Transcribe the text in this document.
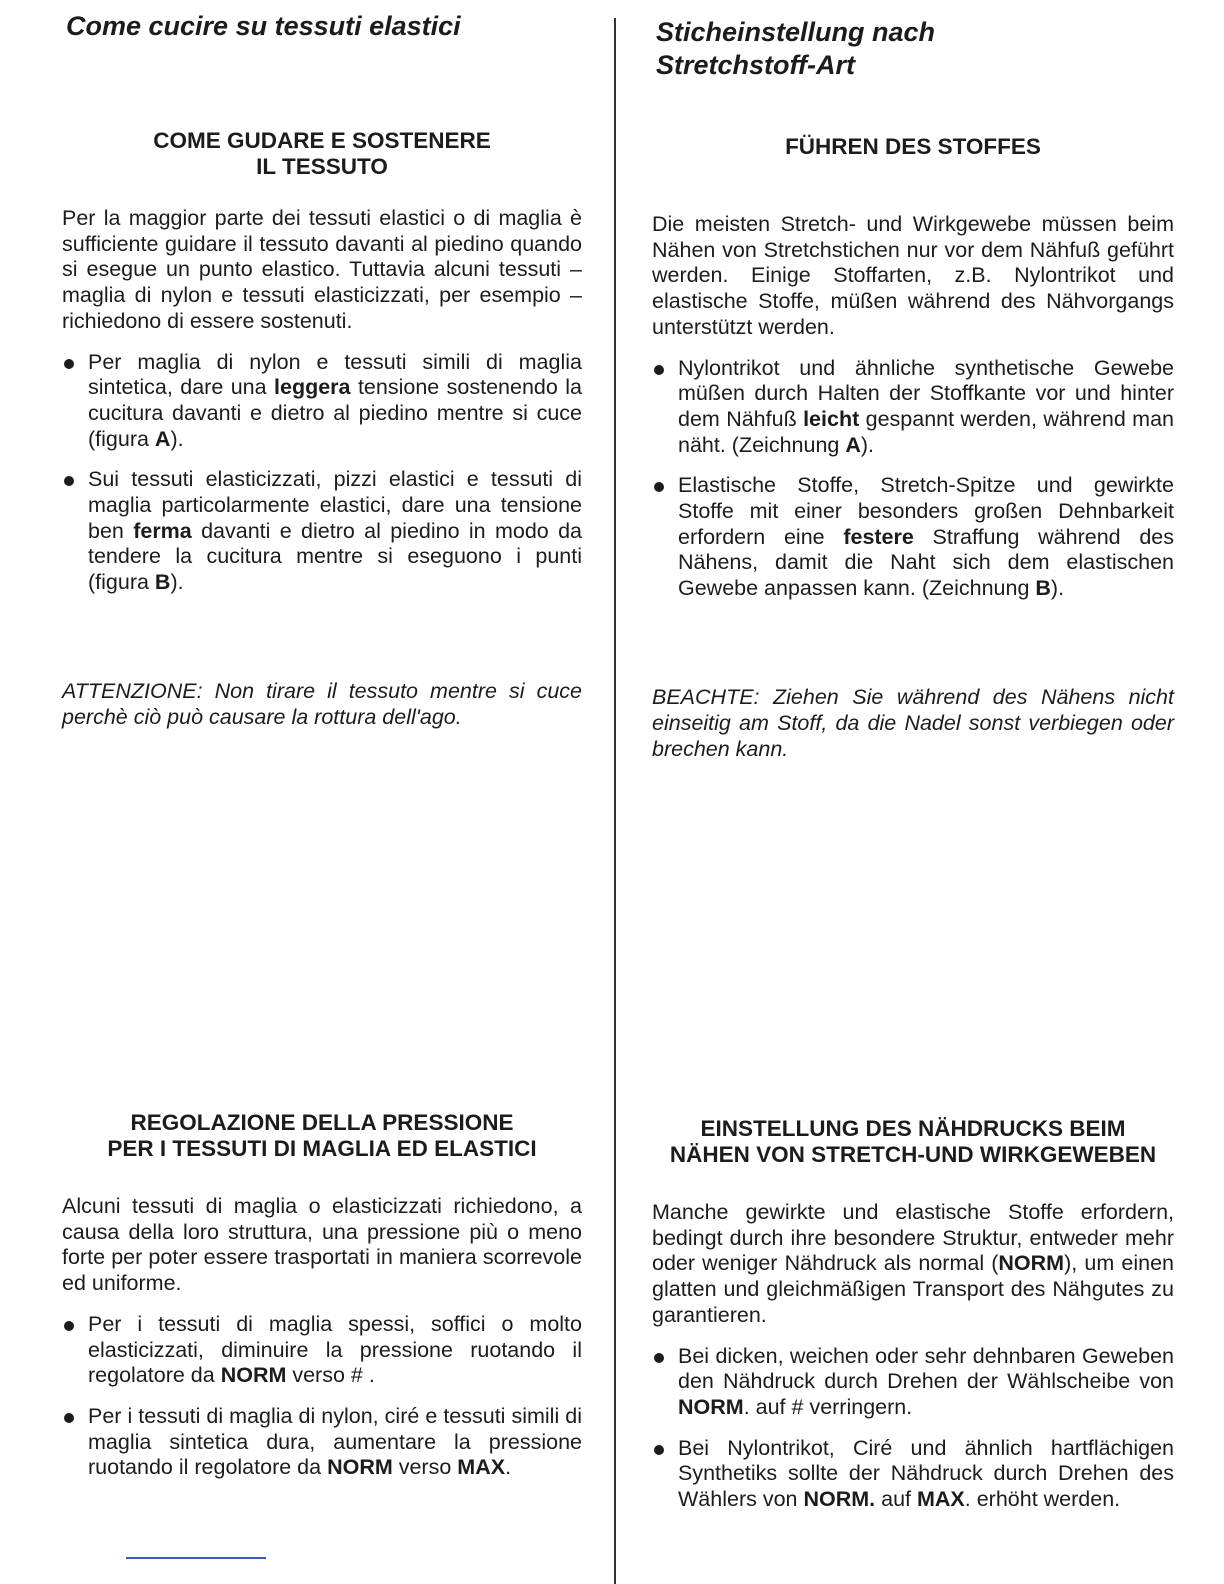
Come cucire su tessuti elastici
COME GUDARE E SOSTENERE
IL TESSUTO

Per la maggior parte dei tessuti elastici o di maglia è sufficiente guidare il tessuto davanti al piedino quando si esegue un punto elastico. Tuttavia alcuni tessuti – maglia di nylon e tessuti elasticizzati, per esempio – richiedono di essere sostenuti.

Per maglia di nylon e tessuti simili di maglia sintetica, dare una leggera tensione sostenendo la cucitura davanti e dietro al piedino mentre si cuce (figura A).
Sui tessuti elasticizzati, pizzi elastici e tessuti di maglia particolarmente elastici, dare una tensione ben ferma davanti e dietro al piedino in modo da tendere la cucitura mentre si eseguono i punti (figura B).
ATTENZIONE: Non tirare il tessuto mentre si cuce perchè ciò può causare la rottura dell'ago.
REGOLAZIONE DELLA PRESSIONE
PER I TESSUTI DI MAGLIA ED ELASTICI

Alcuni tessuti di maglia o elasticizzati richiedono, a causa della loro struttura, una pressione più o meno forte per poter essere trasportati in maniera scorrevole ed uniforme.

Per i tessuti di maglia spessi, soffici o molto elasticizzati, diminuire la pressione ruotando il regolatore da NORM verso # .
Per i tessuti di maglia di nylon, ciré e tessuti simili di maglia sintetica dura, aumentare la pressione ruotando il regolatore da NORM verso MAX.
Sticheinstellung nach
Stretchstoff-Art
FÜHREN DES STOFFES

Die meisten Stretch- und Wirkgewebe müssen beim Nähen von Stretchstichen nur vor dem Nähfuß geführt werden. Einige Stoffarten, z.B. Nylontrikot und elastische Stoffe, müßen während des Nähvorgangs unterstützt werden.

Nylontrikot und ähnliche synthetische Gewebe müßen durch Halten der Stoffkante vor und hinter dem Nähfuß leicht gespannt werden, während man näht. (Zeichnung A).
Elastische Stoffe, Stretch-Spitze und gewirkte Stoffe mit einer besonders großen Dehnbarkeit erfordern eine festere Straffung während des Nähens, damit die Naht sich dem elastischen Gewebe anpassen kann. (Zeichnung B).
BEACHTE: Ziehen Sie während des Nähens nicht einseitig am Stoff, da die Nadel sonst verbiegen oder brechen kann.
EINSTELLUNG DES NÄHDRUCKS BEIM
NÄHEN VON STRETCH-UND WIRKGEWEBEN

Manche gewirkte und elastische Stoffe erfordern, bedingt durch ihre besondere Struktur, entweder mehr oder weniger Nähdruck als normal (NORM), um einen glatten und gleichmäßigen Transport des Nähgutes zu garantieren.

Bei dicken, weichen oder sehr dehnbaren Geweben den Nähdruck durch Drehen der Wählscheibe von NORM. auf # verringern.
Bei Nylontrikot, Ciré und ähnlich hartflächigen Synthetiks sollte der Nähdruck durch Drehen des Wählers von NORM. auf MAX. erhöht werden.
